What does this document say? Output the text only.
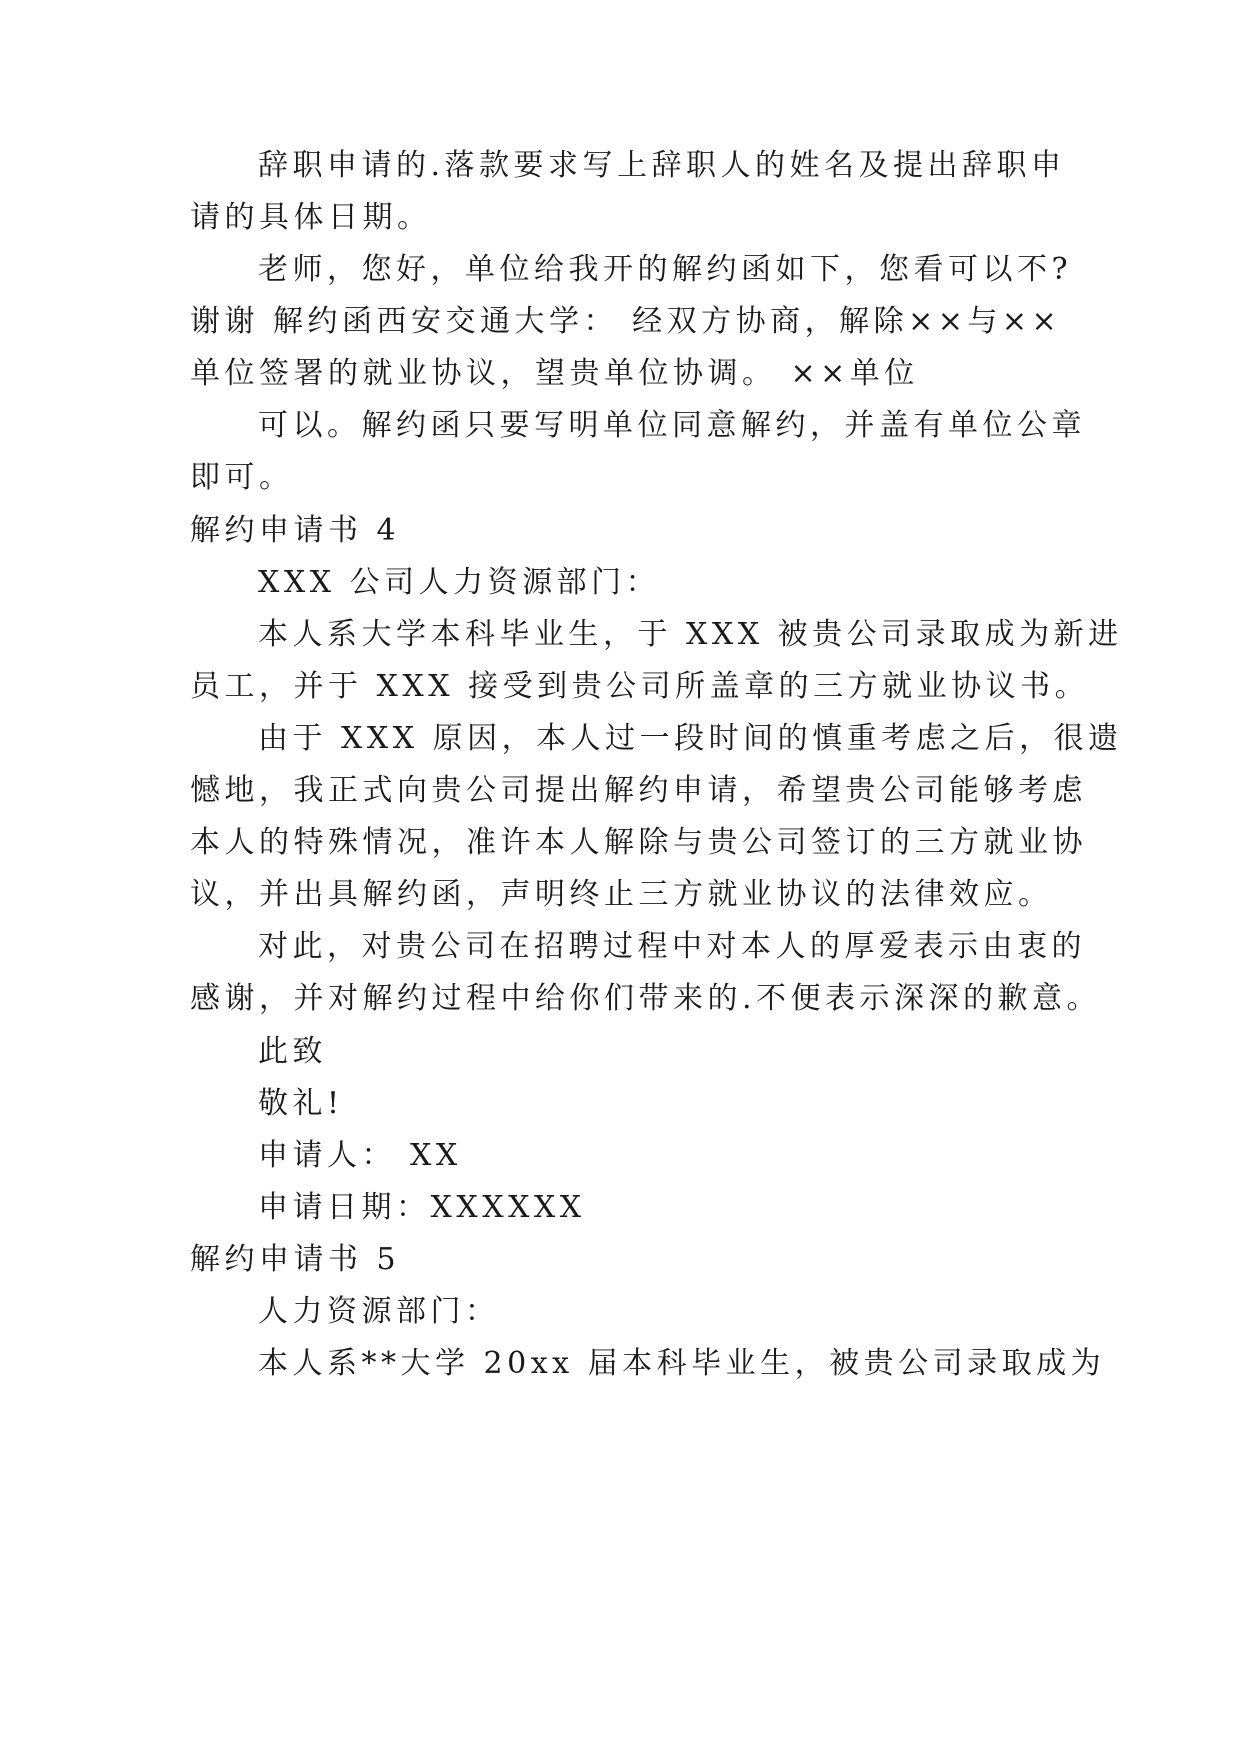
辞职申请的.落款要求写上辞职人的姓名及提出辞职申
请的具体日期。
老师，您好，单位给我开的解约函如下，您看可以不?
谢谢 解约函西安交通大学： 经双方协商，解除××与××
单位签署的就业协议，望贵单位协调。 ××单位
可以。解约函只要写明单位同意解约，并盖有单位公章
即可。
解约申请书 4
XXX 公司人力资源部门：
本人系大学本科毕业生，于 XXX 被贵公司录取成为新进
员工，并于 XXX 接受到贵公司所盖章的三方就业协议书。
由于 XXX 原因，本人过一段时间的慎重考虑之后，很遗
憾地，我正式向贵公司提出解约申请，希望贵公司能够考虑
本人的特殊情况，准许本人解除与贵公司签订的三方就业协
议，并出具解约函，声明终止三方就业协议的法律效应。
对此，对贵公司在招聘过程中对本人的厚爱表示由衷的
感谢，并对解约过程中给你们带来的.不便表示深深的歉意。
此致
敬礼!
申请人： XX
申请日期：XXXXXX
解约申请书 5
人力资源部门：
本人系**大学 20xx 届本科毕业生，被贵公司录取成为
